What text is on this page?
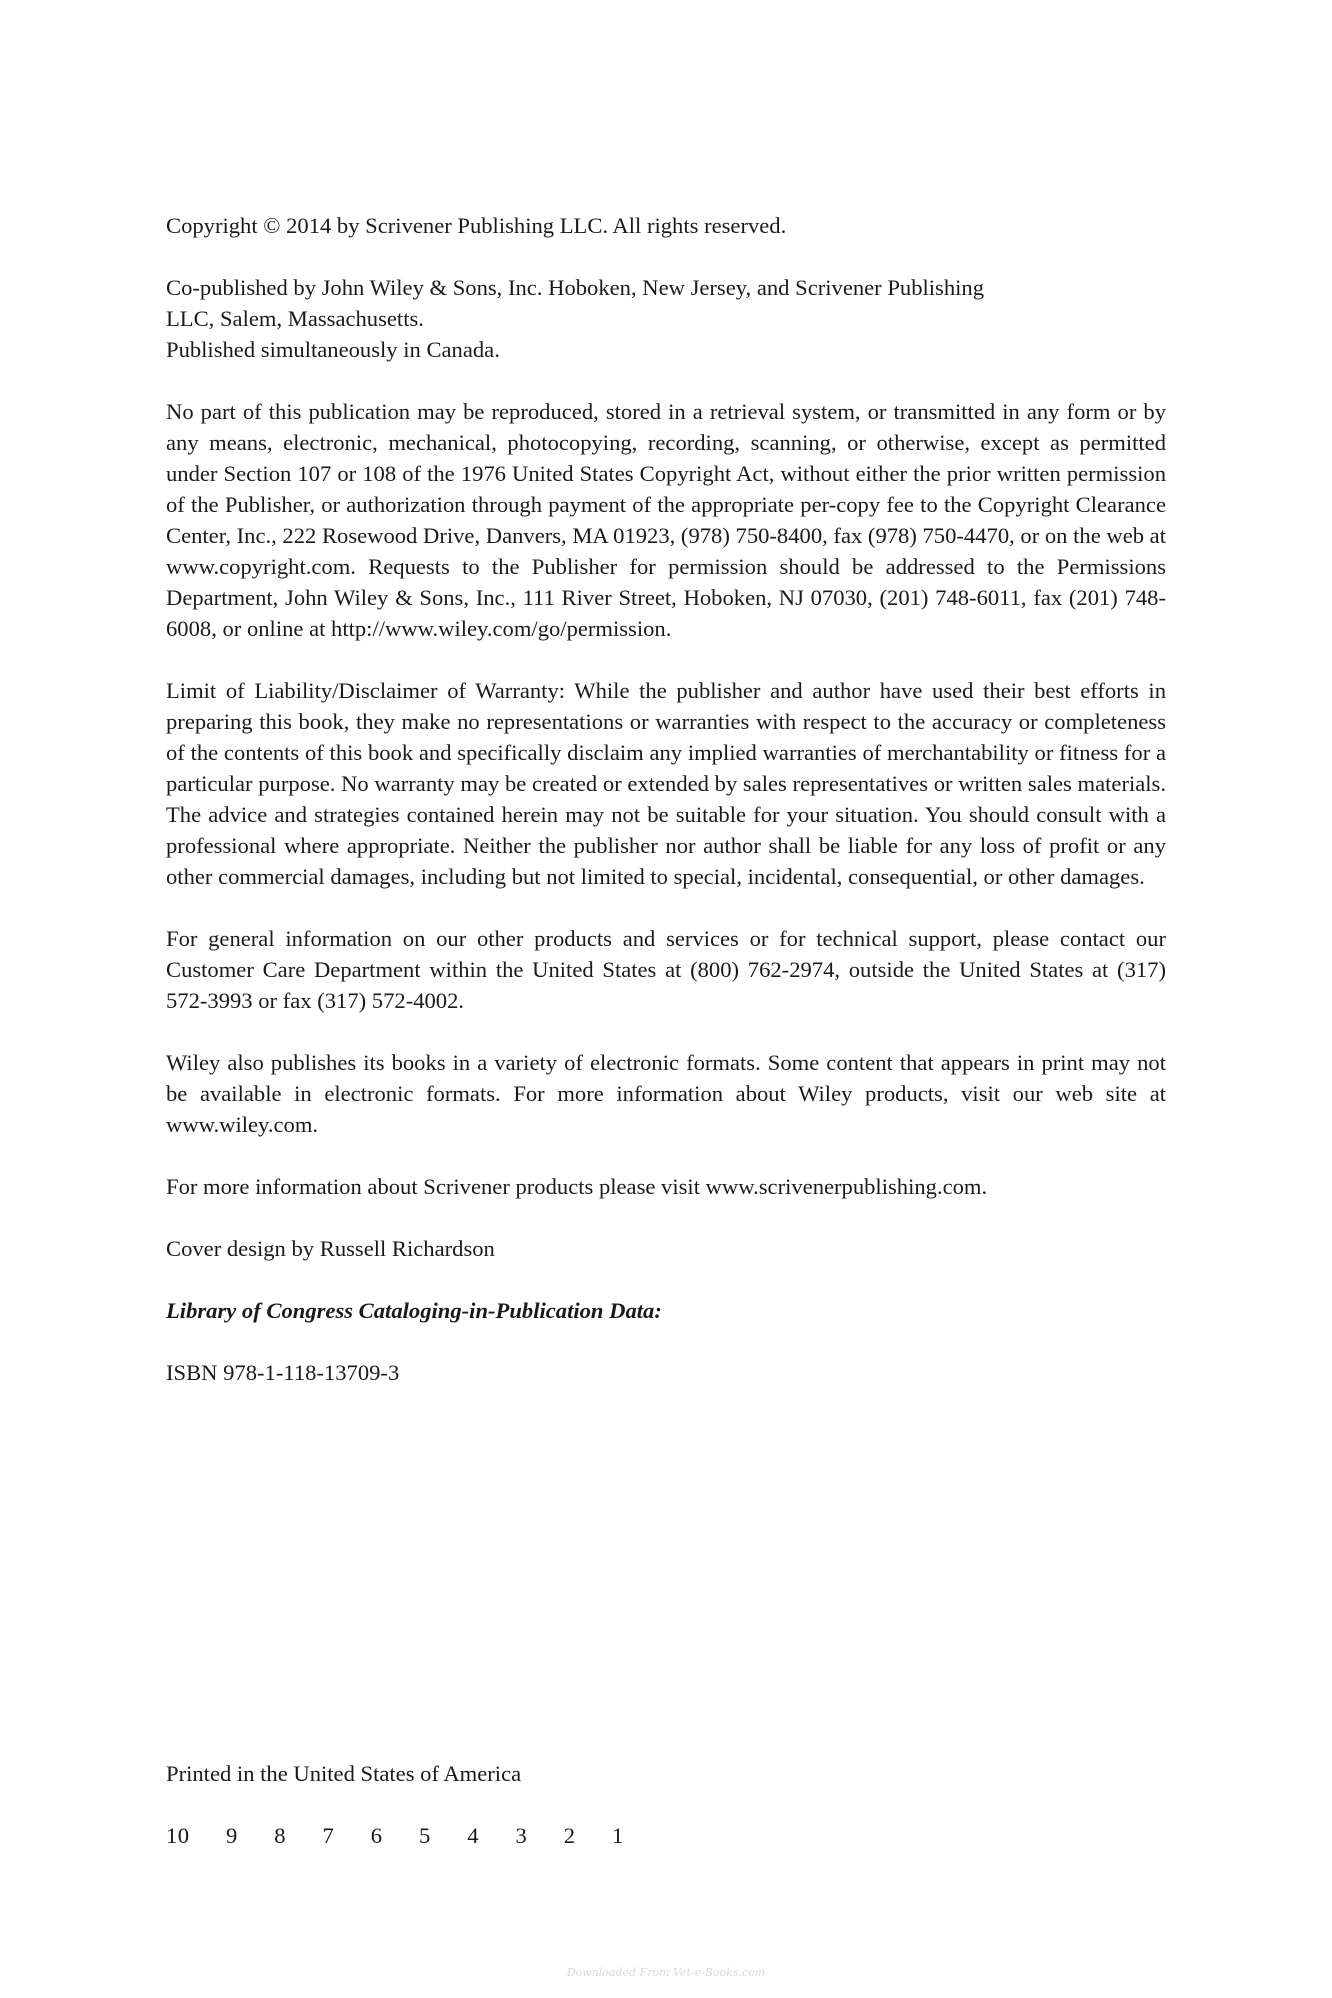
Copyright © 2014 by Scrivener Publishing LLC. All rights reserved.

Co-published by John Wiley & Sons, Inc. Hoboken, New Jersey, and Scrivener Publishing
LLC, Salem, Massachusetts.
Published simultaneously in Canada.

No part of this publication may be reproduced, stored in a retrieval system, or transmitted in any form or by any means, electronic, mechanical, photocopying, recording, scanning, or otherwise, except as permitted under Section 107 or 108 of the 1976 United States Copyright Act, without either the prior written permission of the Publisher, or authorization through payment of the appropriate per-copy fee to the Copyright Clearance Center, Inc., 222 Rosewood Drive, Danvers, MA 01923, (978) 750-8400, fax (978) 750-4470, or on the web at www.copyright.com. Requests to the Publisher for permission should be addressed to the Permissions Department, John Wiley & Sons, Inc., 111 River Street, Hoboken, NJ 07030, (201) 748-6011, fax (201) 748-6008, or online at http://www.wiley.com/go/permission.

Limit of Liability/Disclaimer of Warranty: While the publisher and author have used their best efforts in preparing this book, they make no representations or warranties with respect to the accuracy or completeness of the contents of this book and specifically disclaim any implied warranties of merchantability or fitness for a particular purpose. No warranty may be created or extended by sales representatives or written sales materials. The advice and strategies contained herein may not be suitable for your situation. You should consult with a professional where appropriate. Neither the publisher nor author shall be liable for any loss of profit or any other commercial damages, including but not limited to special, incidental, consequential, or other damages.

For general information on our other products and services or for technical support, please contact our Customer Care Department within the United States at (800) 762-2974, outside the United States at (317) 572-3993 or fax (317) 572-4002.

Wiley also publishes its books in a variety of electronic formats. Some content that appears in print may not be available in electronic formats. For more information about Wiley products, visit our web site at www.wiley.com.

For more information about Scrivener products please visit www.scrivenerpublishing.com.

Cover design by Russell Richardson

Library of Congress Cataloging-in-Publication Data:

ISBN 978-1-118-13709-3

Printed in the United States of America

10   9   8   7   6   5   4   3   2   1

Downloaded From Vet-e-Books.com
